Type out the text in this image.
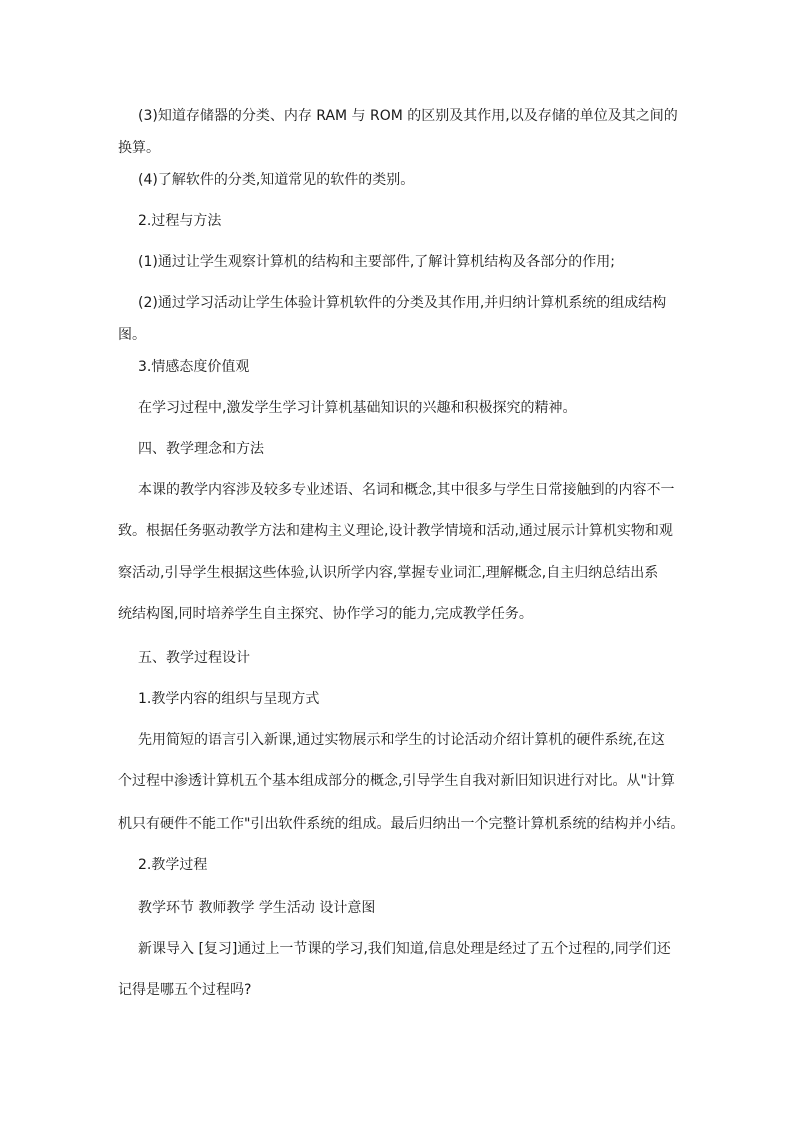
(3)知道存储器的分类、内存 RAM 与 ROM 的区别及其作用,以及存储的单位及其之间的
换算。
(4)了解软件的分类,知道常见的软件的类别。
2.过程与方法
(1)通过让学生观察计算机的结构和主要部件,了解计算机结构及各部分的作用;
(2)通过学习活动让学生体验计算机软件的分类及其作用,并归纳计算机系统的组成结构
图。
3.情感态度价值观
在学习过程中,激发学生学习计算机基础知识的兴趣和积极探究的精神。
四、教学理念和方法
本课的教学内容涉及较多专业述语、名词和概念,其中很多与学生日常接触到的内容不一
致。根据任务驱动教学方法和建构主义理论,设计教学情境和活动,通过展示计算机实物和观
察活动,引导学生根据这些体验,认识所学内容,掌握专业词汇,理解概念,自主归纳总结出系
统结构图,同时培养学生自主探究、协作学习的能力,完成教学任务。
五、教学过程设计
1.教学内容的组织与呈现方式
先用简短的语言引入新课,通过实物展示和学生的讨论活动介绍计算机的硬件系统,在这
个过程中渗透计算机五个基本组成部分的概念,引导学生自我对新旧知识进行对比。从"计算
机只有硬件不能工作"引出软件系统的组成。最后归纳出一个完整计算机系统的结构并小结。
2.教学过程
教学环节 教师教学 学生活动 设计意图
新课导入 [复习]通过上一节课的学习,我们知道,信息处理是经过了五个过程的,同学们还
记得是哪五个过程吗?
